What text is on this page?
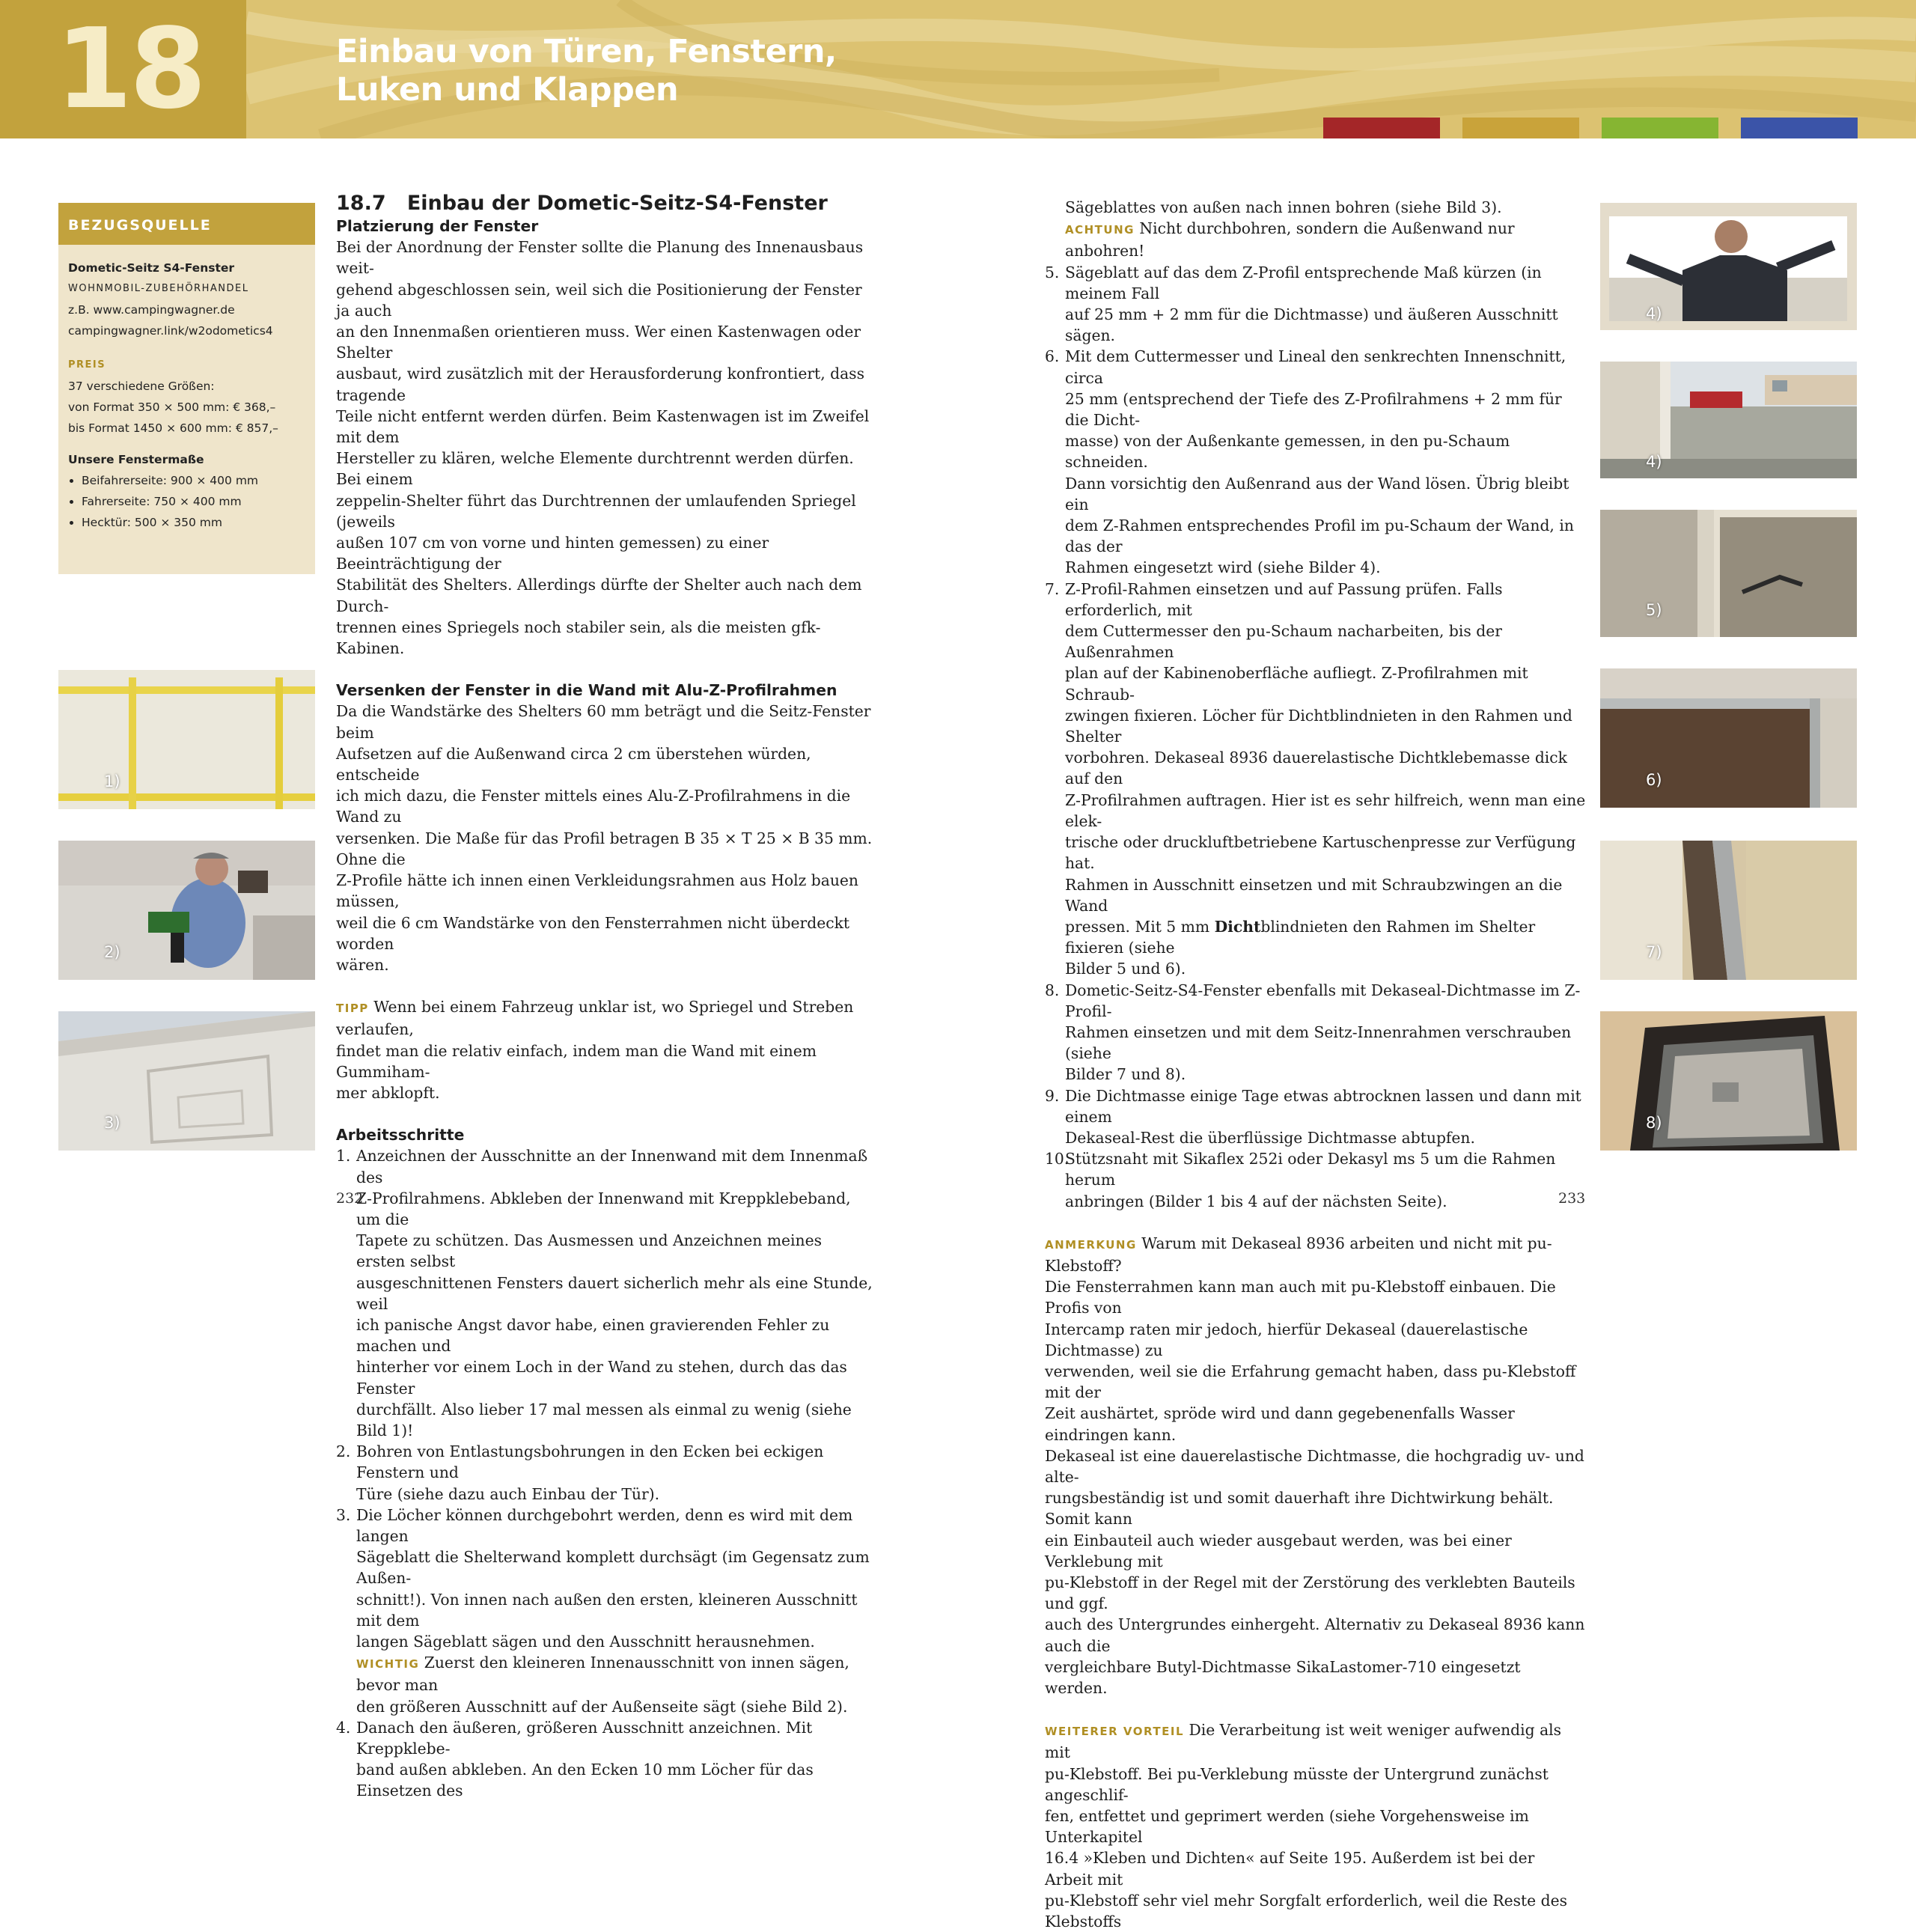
18	Einbau von Türen, Fenstern,
Luken und Klappen
BEZUGSQUELLE
Dometic-Seitz S4-Fenster
WOHNMOBIL-ZUBEHÖRHANDEL
z.B. www.campingwagner.de
campingwagner.link/w2odometics4
PREIS
37 verschiedene Größen:
von Format 350 × 500 mm: € 368,–
bis Format 1450 × 600 mm: € 857,–
Unsere Fenstermaße
• Beifahrerseite: 900 × 400 mm
• Fahrerseite: 750 × 400 mm
• Hecktür: 500 × 350 mm
1)
2)
3)
4)
4)
5)
6)
7)
8)
18.7 Einbau der Dometic-Seitz-S4-Fenster
Platzierung der Fenster

Bei der Anordnung der Fenster sollte die Planung des Innenausbaus weit-

gehend abgeschlossen sein, weil sich die Positionierung der Fenster ja auch

an den Innenmaßen orientieren muss. Wer einen Kastenwagen oder Shelter

ausbaut, wird zusätzlich mit der Herausforderung konfrontiert, dass tragende

Teile nicht entfernt werden dürfen. Beim Kastenwagen ist im Zweifel mit dem

Hersteller zu klären, welche Elemente durchtrennt werden dürfen. Bei einem

zeppelin-Shelter führt das Durchtrennen der umlaufenden Spriegel (jeweils

außen 107 cm von vorne und hinten gemessen) zu einer Beeinträchtigung der

Stabilität des Shelters. Allerdings dürfte der Shelter auch nach dem Durch-

trennen eines Spriegels noch stabiler sein, als die meisten gfk-Kabinen.

Versenken der Fenster in die Wand mit Alu-Z-Profilrahmen

Da die Wandstärke des Shelters 60 mm beträgt und die Seitz-Fenster beim

Aufsetzen auf die Außenwand circa 2 cm überstehen würden, entscheide

ich mich dazu, die Fenster mittels eines Alu-Z-Profilrahmens in die Wand zu

versenken. Die Maße für das Profil betragen B 35 × T 25 × B 35 mm. Ohne die

Z-Profile hätte ich innen einen Verkleidungsrahmen aus Holz bauen müssen,

weil die 6 cm Wandstärke von den Fensterrahmen nicht überdeckt worden

wären.

TIPP Wenn bei einem Fahrzeug unklar ist, wo Spriegel und Streben verlaufen,

findet man die relativ einfach, indem man die Wand mit einem Gummiham-

mer abklopft.

Arbeitsschritte
1. Anzeichnen der Ausschnitte an der Innenwand mit dem Innenmaß des

Z-Profilrahmens. Abkleben der Innenwand mit Kreppklebeband, um die

Tapete zu schützen. Das Ausmessen und Anzeichnen meines ersten selbst

ausgeschnittenen Fensters dauert sicherlich mehr als eine Stunde, weil

ich panische Angst davor habe, einen gravierenden Fehler zu machen und

hinterher vor einem Loch in der Wand zu stehen, durch das das Fenster

durchfällt. Also lieber 17 mal messen als einmal zu wenig (siehe Bild 1)!

2. Bohren von Entlastungsbohrungen in den Ecken bei eckigen Fenstern und

Türe (siehe dazu auch Einbau der Tür).

3. Die Löcher können durchgebohrt werden, denn es wird mit dem langen

Sägeblatt die Shelterwand komplett durchsägt (im Gegensatz zum Außen-

schnitt!). Von innen nach außen den ersten, kleineren Ausschnitt mit dem

langen Sägeblatt sägen und den Ausschnitt herausnehmen.

WICHTIG Zuerst den kleineren Innenausschnitt von innen sägen, bevor man

den größeren Ausschnitt auf der Außenseite sägt (siehe Bild 2).

4. Danach den äußeren, größeren Ausschnitt anzeichnen. Mit Kreppklebe-

band außen abkleben. An den Ecken 10 mm Löcher für das Einsetzen des

232

Sägeblattes von außen nach innen bohren (siehe Bild 3).

ACHTUNG Nicht durchbohren, sondern die Außenwand nur anbohren!

5. Sägeblatt auf das dem Z-Profil entsprechende Maß kürzen (in meinem Fall

auf 25 mm + 2 mm für die Dichtmasse) und äußeren Ausschnitt sägen.

6. Mit dem Cuttermesser und Lineal den senkrechten Innenschnitt, circa

25 mm (entsprechend der Tiefe des Z-Profilrahmens + 2 mm für die Dicht-

masse) von der Außenkante gemessen, in den pu-Schaum schneiden.

Dann vorsichtig den Außenrand aus der Wand lösen. Übrig bleibt ein

dem Z-Rahmen entsprechendes Profil im pu-Schaum der Wand, in das der

Rahmen eingesetzt wird (siehe Bilder 4).

7. Z-Profil-Rahmen einsetzen und auf Passung prüfen. Falls erforderlich, mit

dem Cuttermesser den pu-Schaum nacharbeiten, bis der Außenrahmen

plan auf der Kabinenoberfläche aufliegt. Z-Profilrahmen mit Schraub-

zwingen fixieren. Löcher für Dichtblindnieten in den Rahmen und Shelter

vorbohren. Dekaseal 8936 dauerelastische Dichtklebemasse dick auf den

Z-Profilrahmen auftragen. Hier ist es sehr hilfreich, wenn man eine elek-

trische oder druckluftbetriebene Kartuschenpresse zur Verfügung hat.

Rahmen in Ausschnitt einsetzen und mit Schraubzwingen an die Wand

pressen. Mit 5 mm Dichtblindnieten den Rahmen im Shelter fixieren (siehe

Bilder 5 und 6).

8. Dometic-Seitz-S4-Fenster ebenfalls mit Dekaseal-Dichtmasse im Z-Profil-

Rahmen einsetzen und mit dem Seitz-Innenrahmen verschrauben (siehe

Bilder 7 und 8).

9. Die Dichtmasse einige Tage etwas abtrocknen lassen und dann mit einem

Dekaseal-Rest die überflüssige Dichtmasse abtupfen.

10.

Stützsnaht mit Sikaflex 252i oder Dekasyl ms 5 um die Rahmen herum

anbringen (Bilder 1 bis 4 auf der nächsten Seite).

ANMERKUNG Warum mit Dekaseal 8936 arbeiten und nicht mit pu-Klebstoff?

Die Fensterrahmen kann man auch mit pu-Klebstoff einbauen. Die Profis von

Intercamp raten mir jedoch, hierfür Dekaseal (dauerelastische Dichtmasse) zu

verwenden, weil sie die Erfahrung gemacht haben, dass pu-Klebstoff mit der

Zeit aushärtet, spröde wird und dann gegebenenfalls Wasser eindringen kann.

Dekaseal ist eine dauerelastische Dichtmasse, die hochgradig uv- und alte-

rungsbeständig ist und somit dauerhaft ihre Dichtwirkung behält. Somit kann

ein Einbauteil auch wieder ausgebaut werden, was bei einer Verklebung mit

pu-Klebstoff in der Regel mit der Zerstörung des verklebten Bauteils und ggf.

auch des Untergrundes einhergeht. Alternativ zu Dekaseal 8936 kann auch die

vergleichbare Butyl-Dichtmasse SikaLastomer-710 eingesetzt werden.

WEITERER VORTEIL Die Verarbeitung ist weit weniger aufwendig als mit

pu-Klebstoff. Bei pu-Verklebung müsste der Untergrund zunächst angeschlif-

fen, entfettet und geprimert werden (siehe Vorgehensweise im Unterkapitel

16.4 »Kleben und Dichten« auf Seite 195. Außerdem ist bei der Arbeit mit

pu-Klebstoff sehr viel mehr Sorgfalt erforderlich, weil die Reste des Klebstoffs

233
